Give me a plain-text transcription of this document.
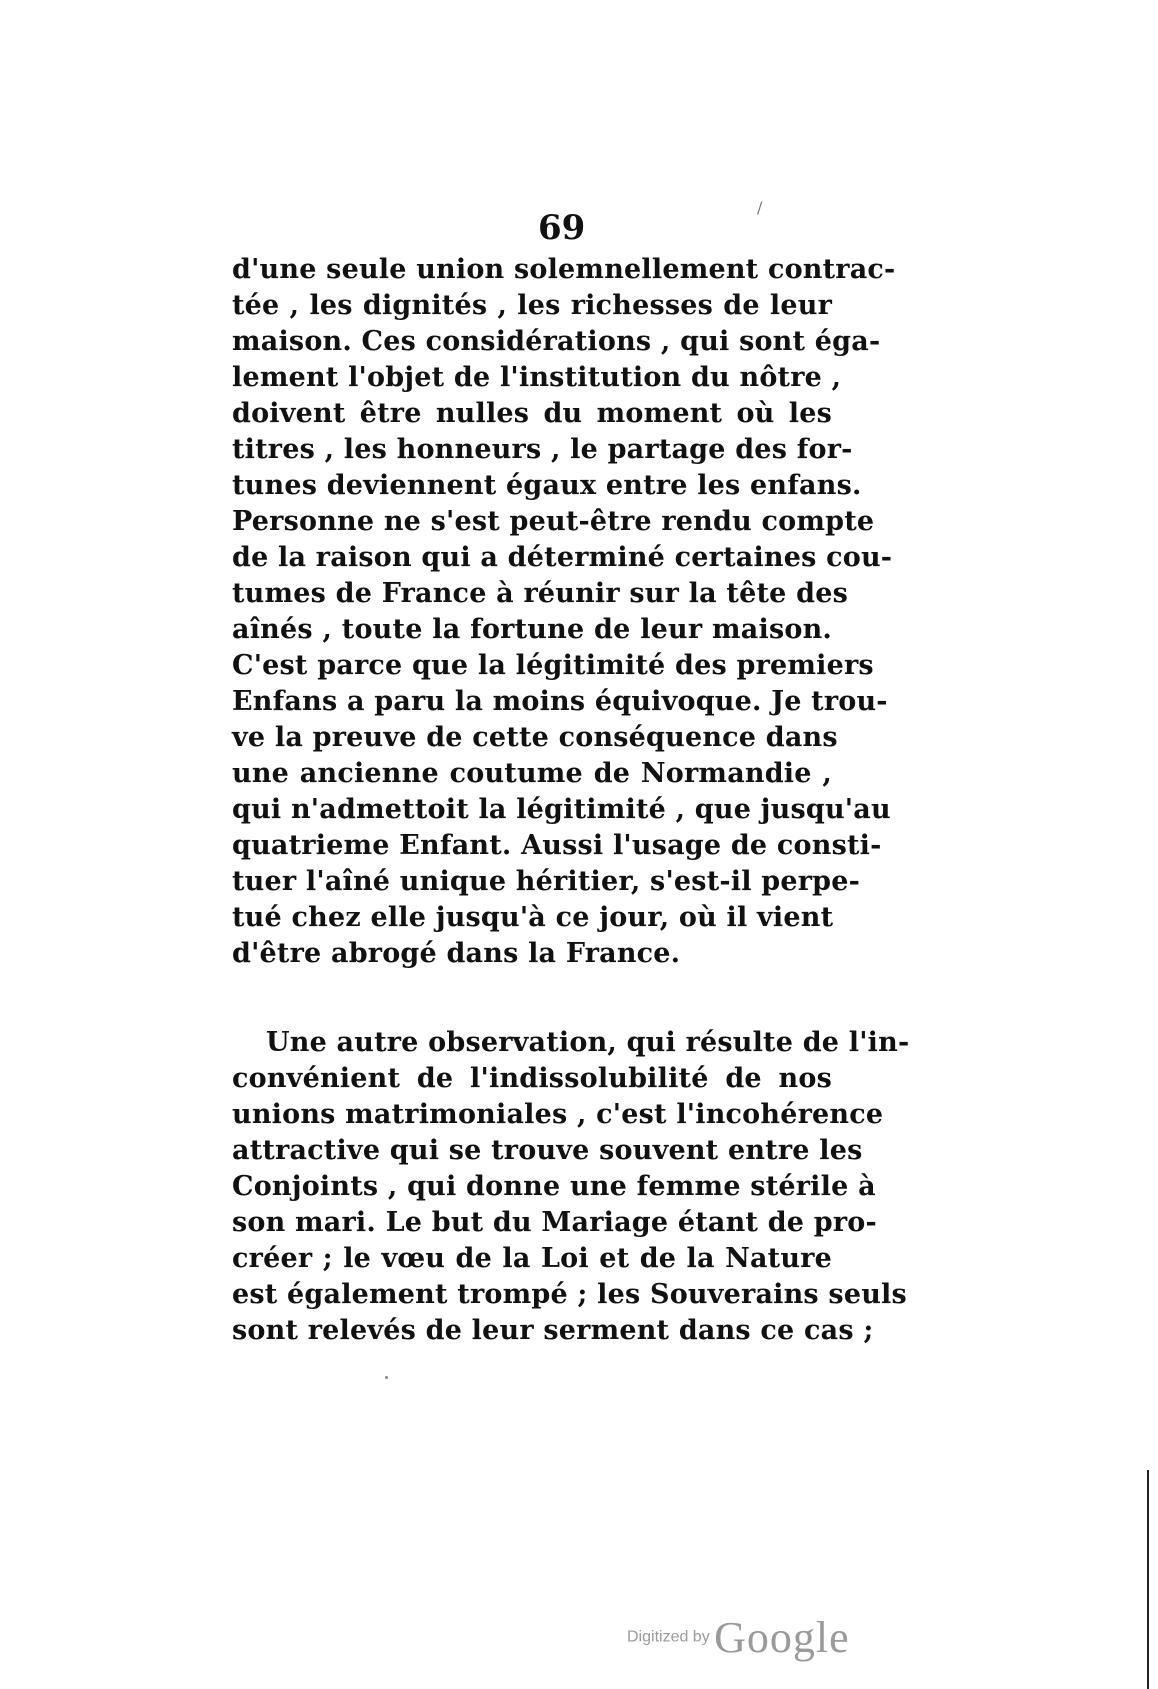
69
/
d'une seule union solemnellement contrac-
tée , les dignités , les richesses de leur
maison. Ces considérations , qui sont éga-
lement l'objet de l'institution du nôtre ,
doivent être nulles du moment où les
titres , les honneurs , le partage des for-
tunes deviennent égaux entre les enfans.
Personne ne s'est peut-être rendu compte
de la raison qui a déterminé certaines cou-
tumes de France à réunir sur la tête des
aînés , toute la fortune de leur maison.
C'est parce que la légitimité des premiers
Enfans a paru la moins équivoque. Je trou-
ve la preuve de cette conséquence dans
une ancienne coutume de Normandie ,
qui n'admettoit la légitimité , que jusqu'au
quatrieme Enfant. Aussi l'usage de consti-
tuer l'aîné unique héritier, s'est-il perpe-
tué chez elle jusqu'à ce jour, où il vient
d'être abrogé dans la France.
Une autre observation, qui résulte de l'in-
convénient de l'indissolubilité de nos
unions matrimoniales , c'est l'incohérence
attractive qui se trouve souvent entre les
Conjoints , qui donne une femme stérile à
son mari. Le but du Mariage étant de pro-
créer ; le vœu de la Loi et de la Nature
est également trompé ; les Souverains seuls
sont relevés de leur serment dans ce cas ;
Digitized by Google
